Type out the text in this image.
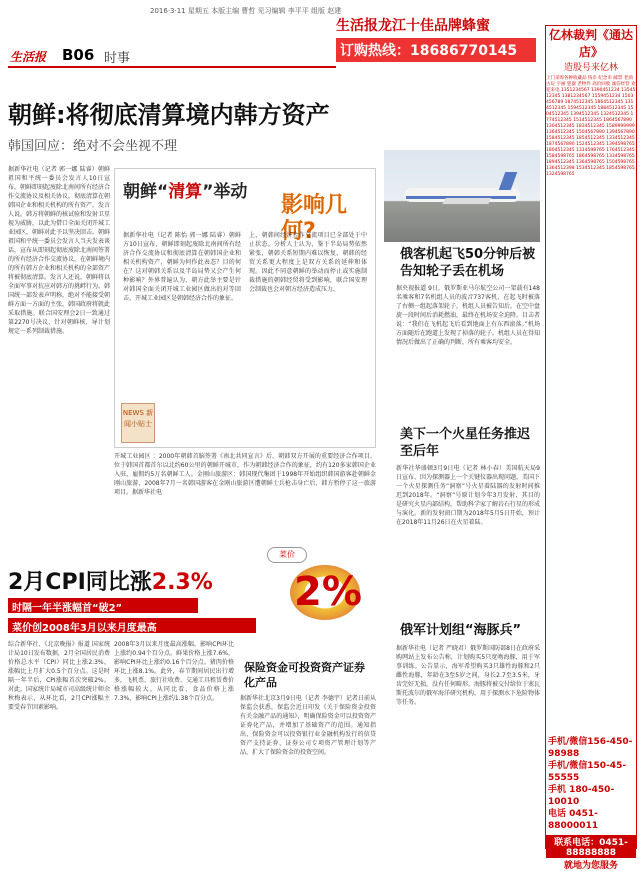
2016·3·11 星期五 本版主编 曹哲 见习编辑 李平平 组版 赵建
生活报 B06 时事
生活报龙江十佳品牌蜂蜜
订购热线：18686770145
朝鲜:将彻底清算境内韩方资产
韩国回应：绝对不会坐视不理
据新华社电（记者 郭一娜 陆睿）朝鲜祖国和平统一委员会发言人10日宣布，朝鲜即刻起废除北南间所有经济合作交流协议及相关协议，彻底清算在朝韩国企业和相关机构的所有资产。发言人说，韩方将朝鲜的核试验和发射卫星视为威胁，以此为借口全面关闭开城工业园区，朝鲜对此予以坚决回击。朝鲜祖国和平统一委员会发言人当天发表谈话，宣布从即刻起彻底废除北南间签署的所有经济合作交流协议，在朝鲜境内的所有韩方企业和相关机构的全部资产将被彻底清算。发言人还说，朝鲜将以全面军事对抗应对韩方的挑衅行为。韩国统一部发表声明称，绝对不能接受朝鲜方面一方面的主张，韩国政府将就此采取措施。联合国安理会2日一致通过第2270号决议，针对朝鲜核、导计划规定一系列制裁措施。
朝鲜“清算”举动
影响几何?
据新华社电（记者 陈怡 郭一娜 陆睿）朝鲜方10日宣布，朝鲜即刻起废除北南间所有经济合作交流协议和彻底清算在朝韩国企业和相关机构资产，朝鲜为何作此表态？目的何在？这对朝韩关系以及半岛局势又会产生何种影响？外界普遍认为，朝方此举主要是针对韩国全面关闭开城工业园区做出的对等回击。开城工业园区是朝韩经济合作的象征。
上，朝韩间经济合作交流项目已全部处于中止状态。分析人士认为，鉴于半岛局势依然紧张，朝韩关系短期内难以恢复，朝韩的经贸关系更大程度上是双方关系的延伸和体现。因此不同意朝鲜的举动而停止或实施制裁措施的朝韩经贸将受到影响，联合国安理会制裁也会对朝方经济造成压力。
NEWS 新闻小贴士
开城工业园区 ：2000年朝韩首脑签署《南北共同宣言》后，朝韩双方开展的重要经济合作项目。位于韩国首都首尔以北约60公里的朝鲜开城市，作为朝韩经济合作的象征，约有120多家韩国企业入驻，雇佣约5万名朝鲜工人。金刚山旅游区：韩国现代集团于1998年开始组织韩国游客赴朝鲜金刚山旅游，2008年7月一名韩国游客在金刚山旅游区遭朝鲜士兵枪击身亡后，韩方暂停了这一旅游项目。据新华社电
俄客机起飞50分钟后被告知轮子丢在机场
据央视报道 9日，俄罗斯亚马尔航空公司一架载有148名乘客和7名机组人员的波音737客机，在起飞时被落了右侧一组起落架轮子，机组人员被告知后，在空中盘旋一段时间后消耗燃油，最终在机场安全迫降。目击者说：“我们在飞机起飞后看到地面上有东西滚落。”机场方面随后在跑道上发现了掉落的轮子。机组人员在得知情况后做出了正确的判断，所有乘客均安全。
美下一个火星任务推迟至后年
新华社华盛顿3月9日电（记者 林小春）美国航天局9日宣布，因为探测器上一个关键仪器出现问题，美国下一个火星探测任务“洞察”号火星着陆器的发射时间推迟到2018年。“洞察”号原计划今年3月发射，其目的是研究火星内部结构，帮助科学家了解岩石行星的形成与演化。新的发射窗口期为2018年5月5日开始，预计在2018年11月26日在火星着陆。
俄军计划组“海豚兵”
据新华社电（记者 严晓君）俄罗斯国防部8日在政府采购网站上发布公告称，计划购买5只宽吻海豚，用于军事训练。公告显示，海军希望购买3只雄性海豚和2只雌性海豚，年龄在3至5岁之间，身长2.7至3.5米，牙齿完好无损，没有任何畸形。海豚将被交付给位于塞瓦斯托波尔的俄军海洋研究机构，用于探测水下危险物体等任务。
2月CPI同比涨2.3%
时隔一年半涨幅首“破2”
菜价创2008年3月以来月度最高
菜价
2%
综合新华社、《北京晚报》报道 国家统计局10日发布数据，2月全国居民消费价格总水平（CPI）同比上涨2.3%，涨幅比上月扩大0.5个百分点。这是时隔一年半后，CPI涨幅首次突破2%。对此，国家统计局城市司高级统计师余秋梅表示，从环比看，2月CPI涨幅主要受春节因素影响。
2008年3月以来月度最高涨幅，影响CPI环比上涨约0.94个百分点。鲜果价格上涨7.6%，影响CPI环比上涨约0.16个百分点。猪肉价格环比上涨8.1%。此外，春节期间居民出行增多，飞机票、旅行社收费、交通工具租赁费价格涨幅较大。从同比看，食品价格上涨7.3%，影响CPI上涨约1.38个百分点。
保险资金可投资资产证券化产品
据新华社北京3月9日电（记者 李德宇）记者日前从保监会获悉，保监会近日印发《关于保险资金投资有关金融产品的通知》，明确保险资金可以投资资产证券化产品，并增加了基础资产的范围。通知指出，保险资金可以投资银行业金融机构发行的信贷资产支持证券、证券公司专项资产管理计划等产品，扩大了保险资金的投资空间。
亿林裁判《通达店》
造股号来亿林
上门采购各种收藏品 钱币 纪念币 邮票 老酒 古玩 字画 瓷器 老物件 高价回收 诚信经营 欢迎来电 1351234567 1390451234 1354512345 1381234567 1559451234 1503456789 1874512345 1864512345 1314512345 1594512345 1884512345 1504512345 1394512345 1324512345 1774512345 1514512345 1864567890 1304512345 1834512345 1589999999 1364512345 1504567890 1394567890 1584512345 1854512345 1334512345 1874567890 1524512345 1394598765 1804512345 1314598765 1764512345 1584598765 1864598765 1334598765 1894512345 1364598765 1504598765 1364512398 1534512345 1854598765 1324598765
手机/微信156-450-98988
手机/微信150-45-55555
手机 180-450-10010
电话 0451-88000011
联系电话：0451-88888888
就地为您服务
